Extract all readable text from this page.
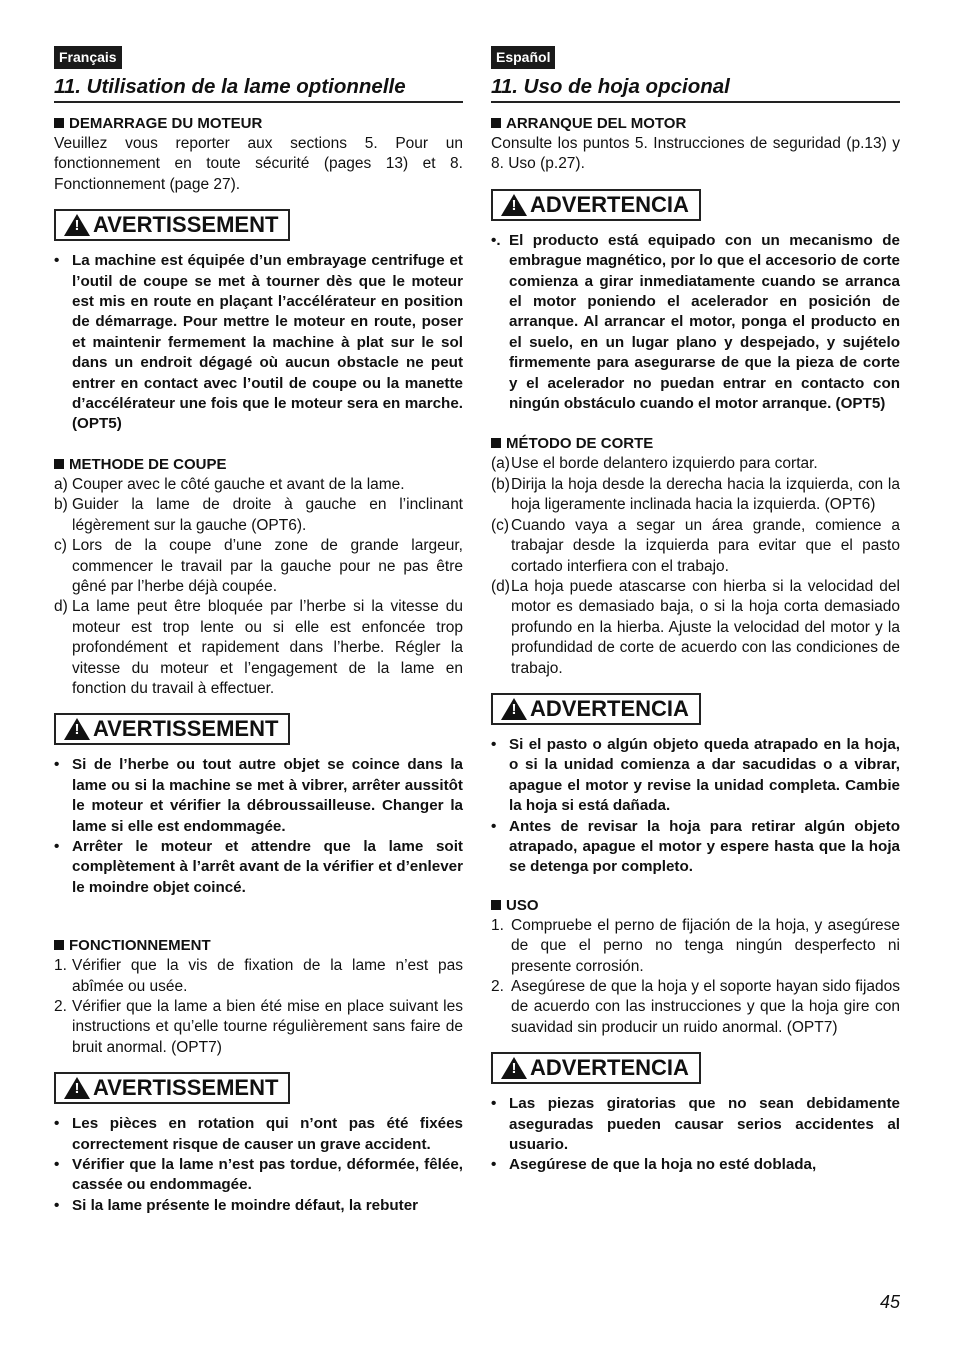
Français
11. Utilisation de la lame optionnelle
DEMARRAGE DU MOTEUR

Veuillez vous reporter aux sections 5. Pour un fonctionnement en toute sécurité (pages 13) et 8. Fonctionnement (page 27).

! AVERTISSEMENT
• La machine est équipée d’un embrayage centrifuge et l’outil de coupe se met à tourner dès que le moteur est mis en route en plaçant l’accélérateur en position de démarrage. Pour mettre le moteur en route, poser et maintenir fermement la machine à plat sur le sol dans un endroit dégagé où aucun obstacle ne peut entrer en contact avec l’outil de coupe ou la manette d’accélérateur une fois que le moteur sera en marche. (OPT5)
METHODE DE COUPE
a) Couper avec le côté gauche et avant de la lame.
b) Guider la lame de droite à gauche en l’inclinant légèrement sur la gauche (OPT6).
c) Lors de la coupe d’une zone de grande largeur, commencer le travail par la gauche pour ne pas être gêné par l’herbe déjà coupée.
d) La lame peut être bloquée par l’herbe si la vitesse du moteur est trop lente ou si elle est enfoncée trop profondément et rapidement dans l’herbe. Régler la vitesse du moteur et l’engagement de la lame en fonction du travail à effectuer.
! AVERTISSEMENT
• Si de l’herbe ou tout autre objet se coince dans la lame ou si la machine se met à vibrer, arrêter aussitôt le moteur et vérifier la débroussailleuse. Changer la lame si elle est endommagée.
• Arrêter le moteur et attendre que la lame soit complètement à l’arrêt avant de la vérifier et d’enlever le moindre objet coincé.
FONCTIONNEMENT
1. Vérifier que la vis de fixation de la lame n’est pas abîmée ou usée.
2. Vérifier que la lame a bien été mise en place suivant les instructions et qu’elle tourne régulièrement sans faire de bruit anormal. (OPT7)
! AVERTISSEMENT
• Les pièces en rotation qui n’ont pas été fixées correctement risque de causer un grave accident.
• Vérifier que la lame n’est pas tordue, déformée, fêlée, cassée ou endommagée.
• Si la lame présente le moindre défaut, la rebuter
Español
11. Uso de hoja opcional
ARRANQUE DEL MOTOR

Consulte los puntos 5. Instrucciones de seguridad (p.13) y 8. Uso (p.27).

! ADVERTENCIA
•. El producto está equipado con un mecanismo de embrague magnético, por lo que el accesorio de corte comienza a girar inmediatamente cuando se arranca el motor poniendo el acelerador en posición de arranque. Al arrancar el motor, ponga el producto en el suelo, en un lugar plano y despejado, y sujételo firmemente para asegurarse de que la pieza de corte y el acelerador no puedan entrar en contacto con ningún obstáculo cuando el motor arranque. (OPT5)
MÉTODO DE CORTE
(a) Use el borde delantero izquierdo para cortar.
(b) Dirija la hoja desde la derecha hacia la izquierda, con la hoja ligeramente inclinada hacia la izquierda. (OPT6)
(c) Cuando vaya a segar un área grande, comience a trabajar desde la izquierda para evitar que el pasto cortado interfiera con el trabajo.
(d) La hoja puede atascarse con hierba si la velocidad del motor es demasiado baja, o si la hoja corta demasiado profundo en la hierba. Ajuste la velocidad del motor y la profundidad de corte de acuerdo con las condiciones de trabajo.
! ADVERTENCIA
• Si el pasto o algún objeto queda atrapado en la hoja, o si la unidad comienza a dar sacudidas o a vibrar, apague el motor y revise la unidad completa. Cambie la hoja si está dañada.
• Antes de revisar la hoja para retirar algún objeto atrapado, apague el motor y espere hasta que la hoja se detenga por completo.
USO
1. Compruebe el perno de fijación de la hoja, y asegúrese de que el perno no tenga ningún desperfecto ni presente corrosión.
2. Asegúrese de que la hoja y el soporte hayan sido fijados de acuerdo con las instrucciones y que la hoja gire con suavidad sin producir un ruido anormal. (OPT7)
! ADVERTENCIA
• Las piezas giratorias que no sean debidamente aseguradas pueden causar serios accidentes al usuario.
• Asegúrese de que la hoja no esté doblada,
45
